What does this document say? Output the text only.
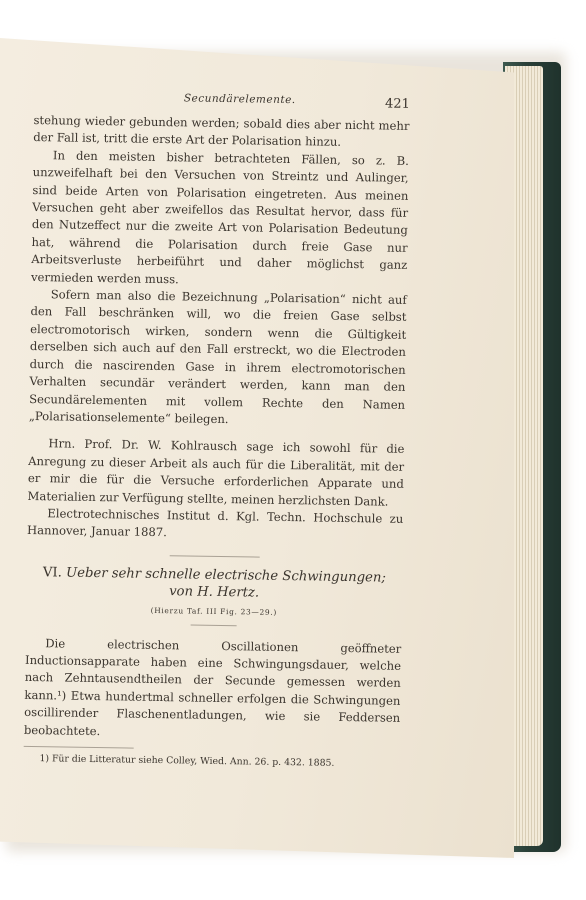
Secundärelemente.	421

stehung wieder gebunden werden; sobald dies aber nicht mehr der Fall ist, tritt die erste Art der Polarisation hinzu.

In den meisten bisher betrachteten Fällen, so z. B. unzweifelhaft bei den Versuchen von Streintz und Aulinger, sind beide Arten von Polarisation eingetreten. Aus meinen Versuchen geht aber zweifellos das Resultat hervor, dass für den Nutzeffect nur die zweite Art von Polarisation Bedeutung hat, während die Polarisation durch freie Gase nur Arbeitsverluste herbeiführt und daher möglichst ganz vermieden werden muss.

Sofern man also die Bezeichnung „Polarisation“ nicht auf den Fall beschränken will, wo die freien Gase selbst electromotorisch wirken, sondern wenn die Gültigkeit derselben sich auch auf den Fall erstreckt, wo die Electroden durch die nascirenden Gase in ihrem electromotorischen Verhalten secundär verändert werden, kann man den Secundärelementen mit vollem Rechte den Namen „Polarisationselemente“ beilegen.

Hrn. Prof. Dr. W. Kohlrausch sage ich sowohl für die Anregung zu dieser Arbeit als auch für die Liberalität, mit der er mir die für die Versuche erforderlichen Apparate und Materialien zur Verfügung stellte, meinen herzlichsten Dank.

Electrotechnisches Institut d. Kgl. Techn. Hochschule zu Hannover, Januar 1887.

VI. Ueber sehr schnelle electrische Schwingungen;

von H. Hertz.

(Hierzu Taf. III Fig. 23—29.)

Die electrischen Oscillationen geöffneter Inductionsapparate haben eine Schwingungsdauer, welche nach Zehntausendtheilen der Secunde gemessen werden kann.¹) Etwa hundertmal schneller erfolgen die Schwingungen oscillirender Flaschenentladungen, wie sie Feddersen beobachtete.

1) Für die Litteratur siehe Colley, Wied. Ann. 26. p. 432. 1885.
